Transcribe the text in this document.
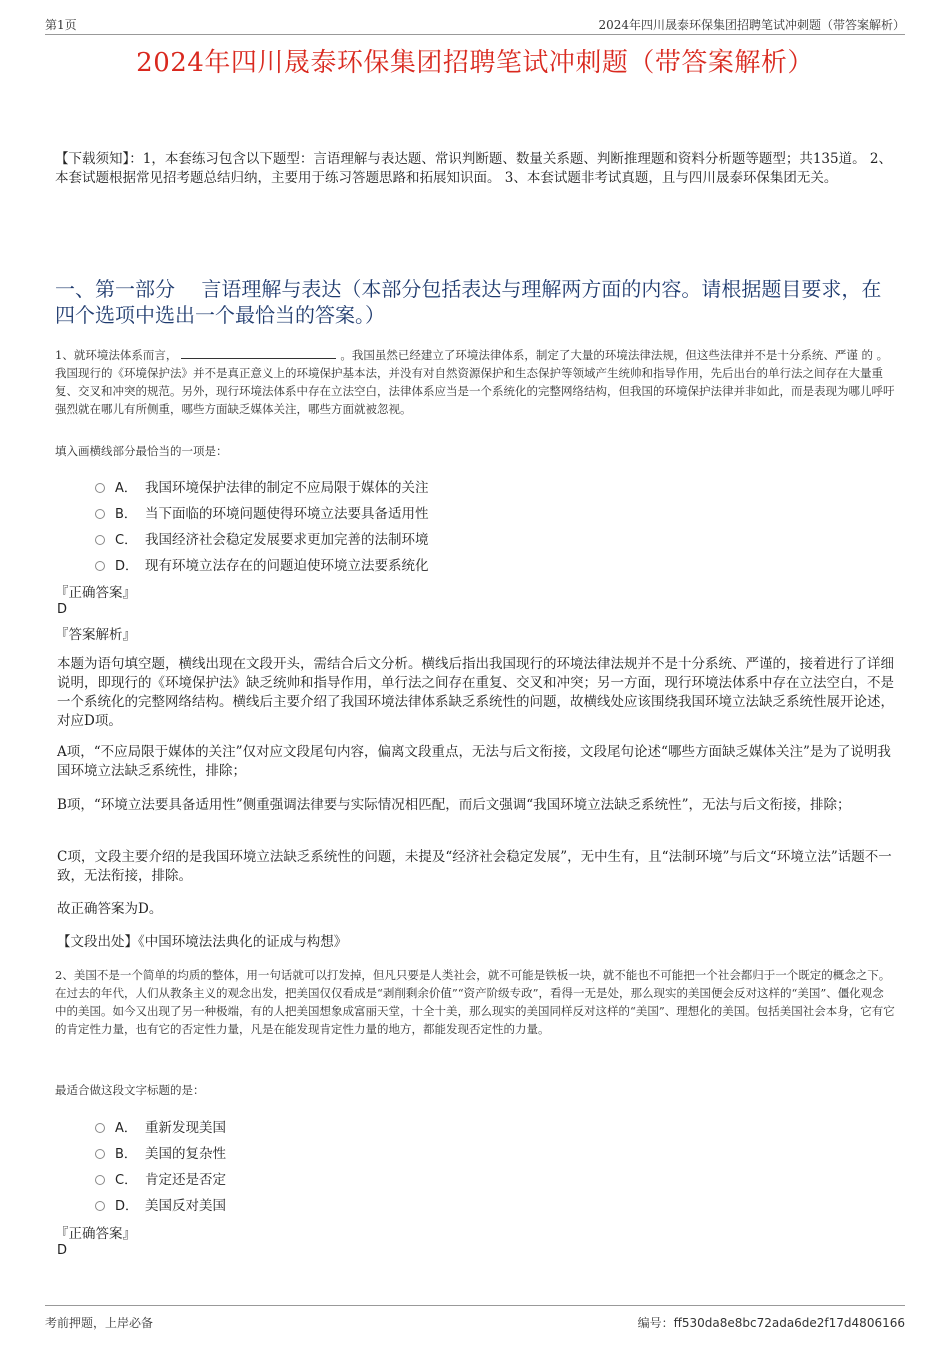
第1页	2024年四川晟泰环保集团招聘笔试冲刺题（带答案解析）
2024年四川晟泰环保集团招聘笔试冲刺题（带答案解析）
【下载须知】：1，本套练习包含以下题型：言语理解与表达题、常识判断题、数量关系题、判断推理题和资料分析题等题型；共135道。 2、本套试题根据常见招考题总结归纳，主要用于练习答题思路和拓展知识面。 3、本套试题非考试真题，且与四川晟泰环保集团无关。
一、第一部分　 言语理解与表达（本部分包括表达与理解两方面的内容。请根据题目要求，在四个选项中选出一个最恰当的答案。）
1、就环境法体系而言，	。我国虽然已经建立了环境法律体系，制定了大量的环境法律法规，但这些法律并不是十分系统、严谨 的 。我国现行的《环境保护法》并不是真正意义上的环境保护基本法，并没有对自然资源保护和生态保护等领域产生统帅和指导作用，先后出台的单行法之间存在大量重复、交叉和冲突的规范。另外，现行环境法体系中存在立法空白，法律体系应当是一个系统化的完整网络结构，但我国的环境保护法律并非如此，而是表现为哪儿呼吁强烈就在哪儿有所侧重，哪些方面缺乏媒体关注，哪些方面就被忽视。
填入画横线部分最恰当的一项是：
A． 我国环境保护法律的制定不应局限于媒体的关注
B． 当下面临的环境问题使得环境立法要具备适用性
C． 我国经济社会稳定发展要求更加完善的法制环境
D． 现有环境立法存在的问题迫使环境立法要系统化
『正确答案』
D
『答案解析』
本题为语句填空题，横线出现在文段开头，需结合后文分析。横线后指出我国现行的环境法律法规并不是十分系统、严谨的，接着进行了详细说明，即现行的《环境保护法》缺乏统帅和指导作用，单行法之间存在重复、交叉和冲突；另一方面，现行环境法体系中存在立法空白，不是一个系统化的完整网络结构。横线后主要介绍了我国环境法律体系缺乏系统性的问题，故横线处应该围绕我国环境立法缺乏系统性展开论述，对应D项。
A项，“不应局限于媒体的关注”仅对应文段尾句内容，偏离文段重点，无法与后文衔接，文段尾句论述“哪些方面缺乏媒体关注”是为了说明我国环境立法缺乏系统性，排除；
B项，“环境立法要具备适用性”侧重强调法律要与实际情况相匹配，而后文强调“我国环境立法缺乏系统性”，无法与后文衔接，排除；
C项，文段主要介绍的是我国环境立法缺乏系统性的问题，未提及“经济社会稳定发展”，无中生有，且“法制环境”与后文“环境立法”话题不一致，无法衔接，排除。
故正确答案为D。
【文段出处】《中国环境法法典化的证成与构想》
2、美国不是一个简单的均质的整体，用一句话就可以打发掉，但凡只要是人类社会，就不可能是铁板一块，就不能也不可能把一个社会都归于一个既定的概念之下。在过去的年代，人们从教条主义的观念出发，把美国仅仅看成是“剥削剩余价值”“资产阶级专政”，看得一无是处，那么现实的美国便会反对这样的“美国”、僵化观念中的美国。如今又出现了另一种极端，有的人把美国想象成富丽天堂，十全十美，那么现实的美国同样反对这样的“美国”、理想化的美国。包括美国社会本身，它有它的肯定性力量，也有它的否定性力量，凡是在能发现肯定性力量的地方，都能发现否定性的力量。
最适合做这段文字标题的是：
A． 重新发现美国
B． 美国的复杂性
C． 肯定还是否定
D． 美国反对美国
『正确答案』
D
考前押题，上岸必备	编号：ff530da8e8bc72ada6de2f17d4806166
